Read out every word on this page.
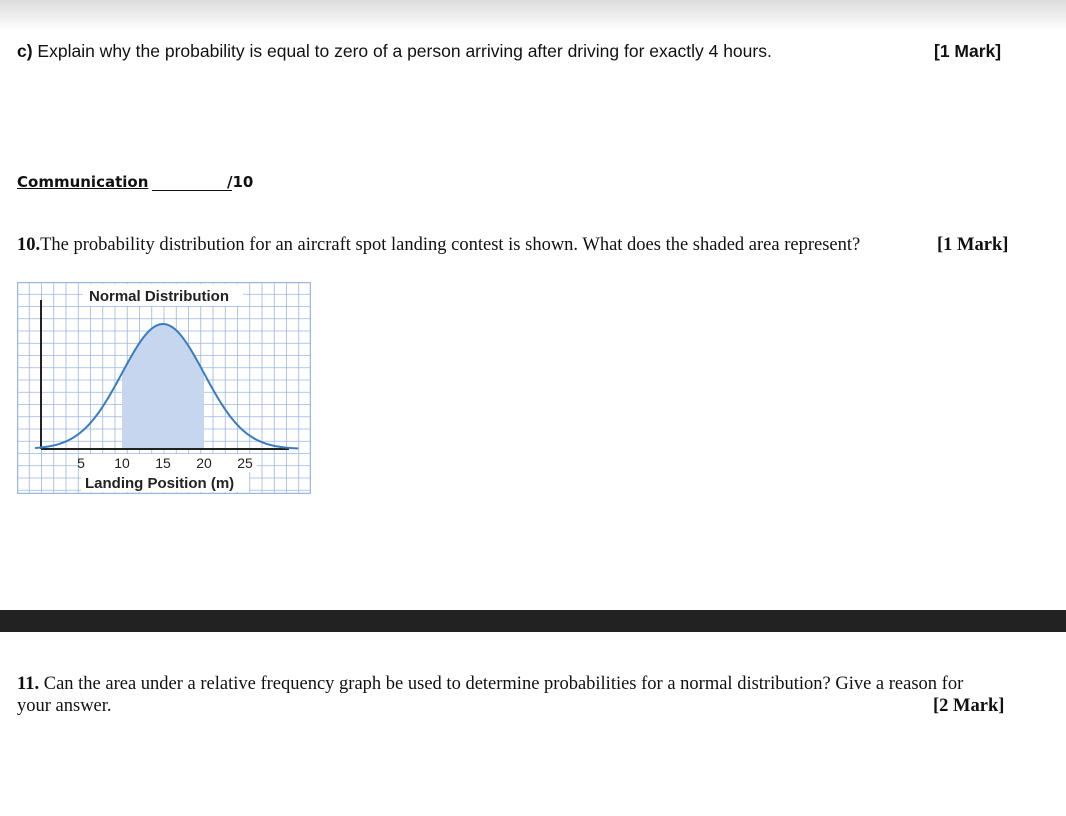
c) Explain why the probability is equal to zero of a person arriving after driving for exactly 4 hours.	[1 Mark]
Communication	/10
10.The probability distribution for an aircraft spot landing contest is shown. What does the shaded area represent?	[1 Mark]
5 10 15 20 25
Normal Distribution
Landing Position (m)
11. Can the area under a relative frequency graph be used to determine probabilities for a normal distribution? Give a reason for
your answer.	[2 Mark]
